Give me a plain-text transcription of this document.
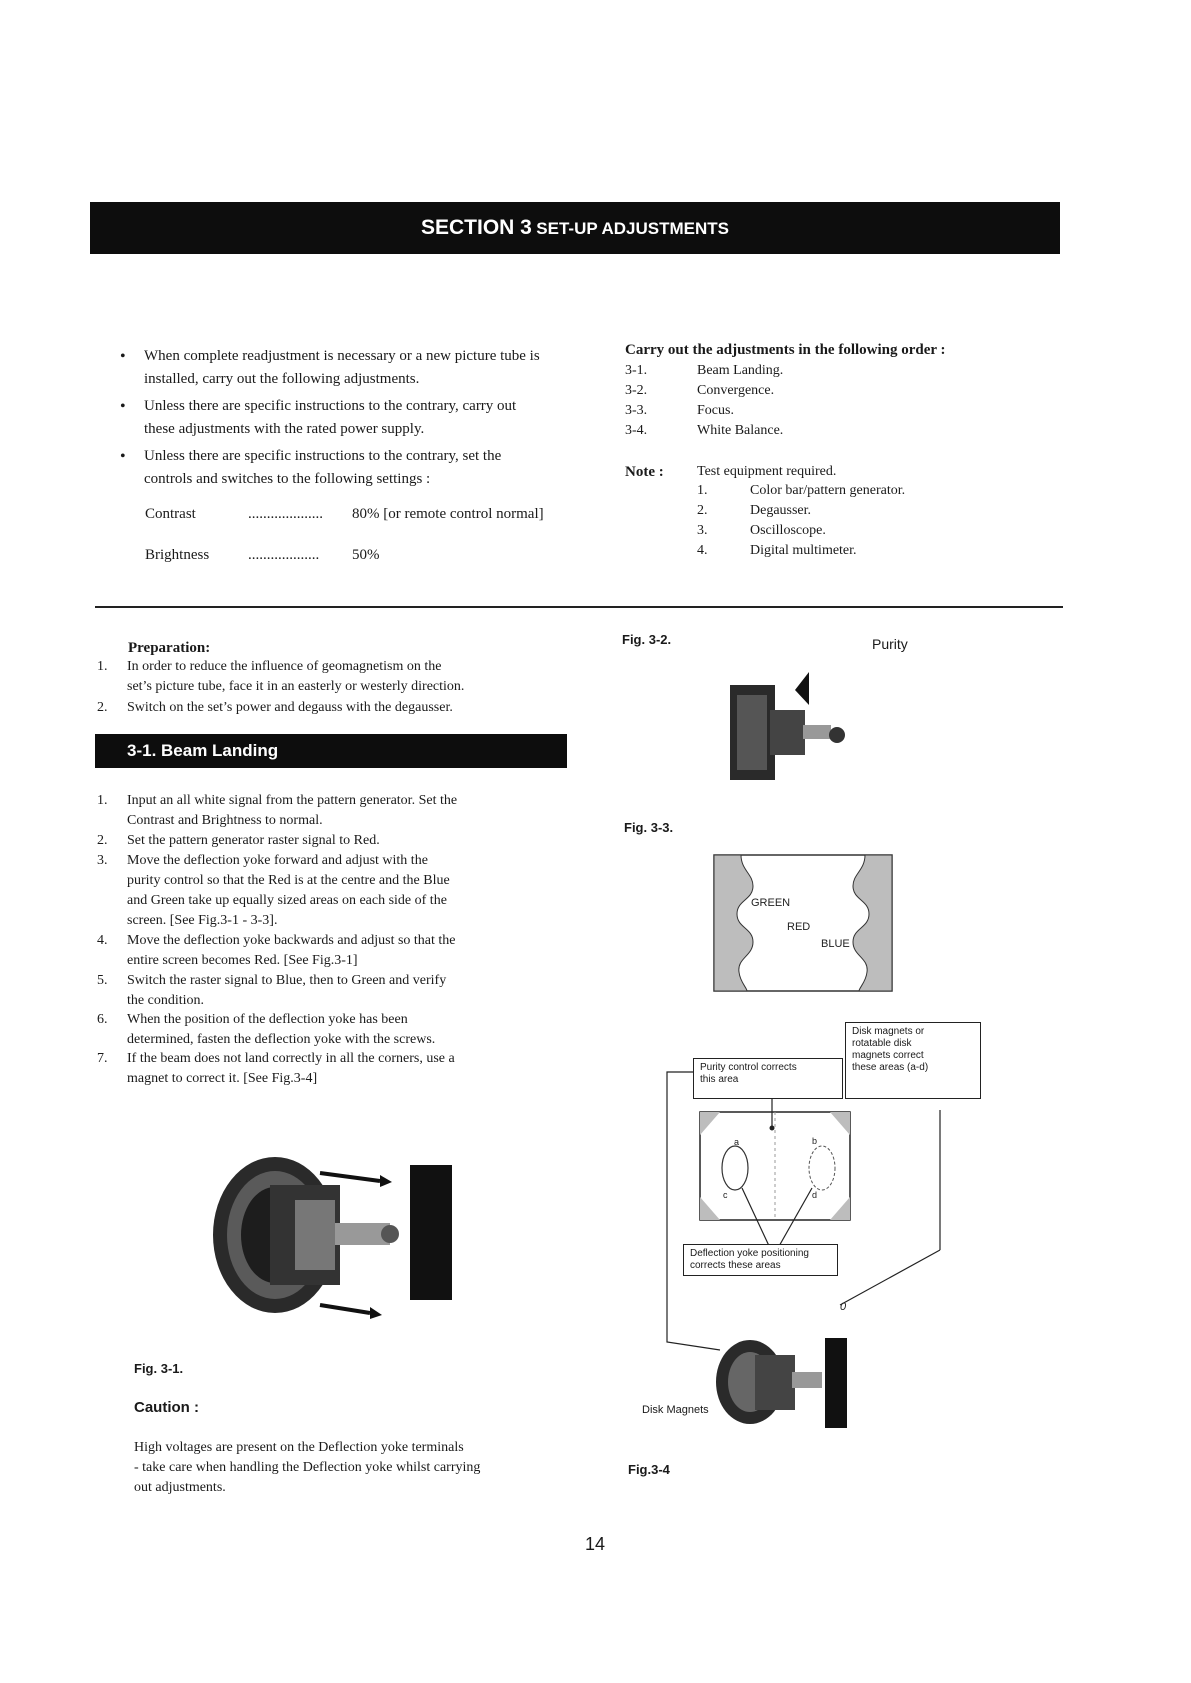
SECTION 3 SET-UP ADJUSTMENTS
• When complete readjustment is necessary or a new picture tube is installed, carry out the following adjustments.
• Unless there are specific instructions to the contrary, carry out these adjustments with the rated power supply.
• Unless there are specific instructions to the contrary, set the controls and switches to the following settings :
Contrast	.................... 80% [or remote control normal]
Brightness	................... 50%
Carry out the adjustments in the following order :
3-1.	Beam Landing.
3-2.	Convergence.
3-3.	Focus.
3-4.	White Balance.
Note : Test equipment required.
1.	Color bar/pattern generator.
2.	Degausser.
3.	Oscilloscope.
4.	Digital multimeter.
Preparation:
1. In order to reduce the influence of geomagnetism on the
set’s picture tube, face it in an easterly or westerly direction.
2. Switch on the set’s power and degauss with the degausser.
3-1. Beam Landing
1. Input an all white signal from the pattern generator. Set the
Contrast and Brightness to normal.
2. Set the pattern generator raster signal to Red.
3. Move the deflection yoke forward and adjust with the
purity control so that the Red is at the centre and the Blue
and Green take up equally sized areas on each side of the
screen. [See Fig.3-1 - 3-3].
4. Move the deflection yoke backwards and adjust so that the
entire screen becomes Red. [See Fig.3-1]
5. Switch the raster signal to Blue, then to Green and verify
the condition.
6. When the position of the deflection yoke has been
determined, fasten the deflection yoke with the screws.
7. If the beam does not land correctly in all the corners, use a
magnet to correct it. [See Fig.3-4]
Fig. 3-1.
Caution :
High voltages are present on the Deflection yoke terminals
- take care when handling the Deflection yoke whilst carrying
out adjustments.
Fig. 3-2.	Purity
Fig. 3-3.
GREEN
RED
BLUE
a	b
c	d
0
Purity control corrects
this area
Disk magnets or
rotatable disk
magnets correct
these areas (a-d)
Deflection yoke positioning
corrects these areas
Disk Magnets
Fig.3-4
14
